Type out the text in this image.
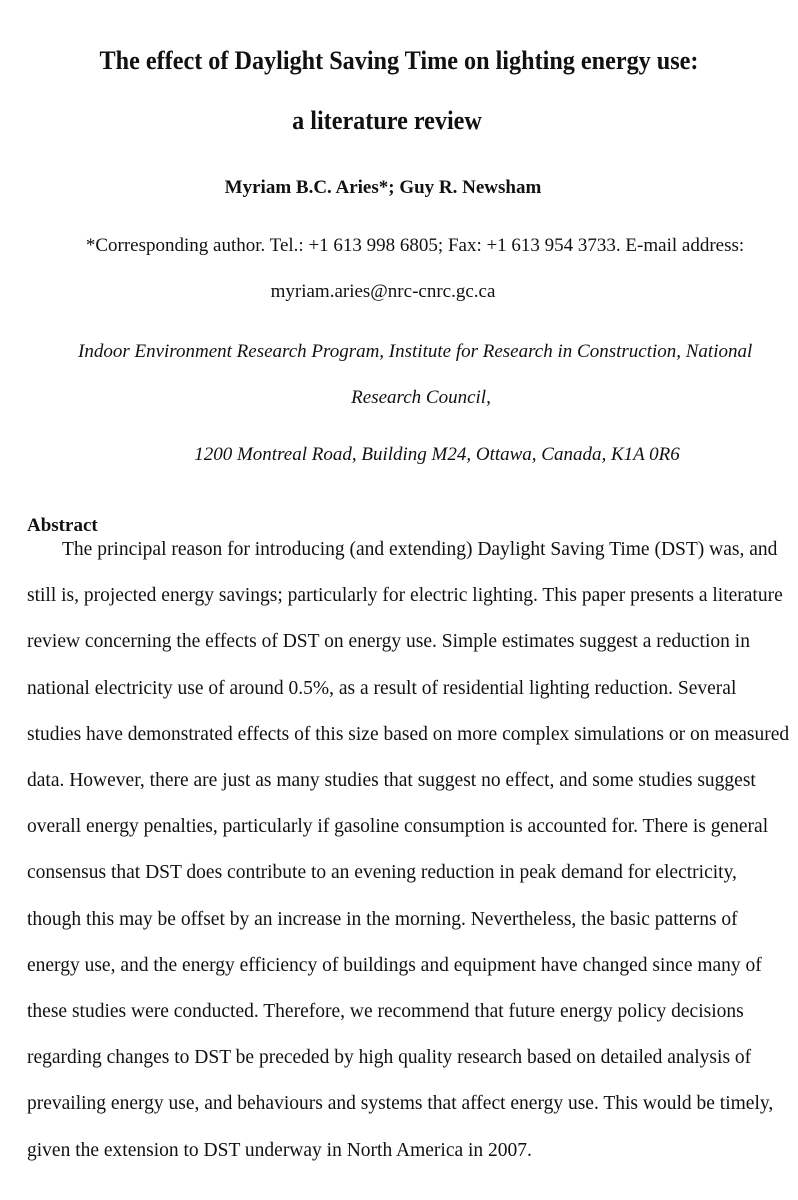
The effect of Daylight Saving Time on lighting energy use:
a literature review
Myriam B.C. Aries*; Guy R. Newsham
*Corresponding author. Tel.: +1 613 998 6805; Fax: +1 613 954 3733. E-mail address:
myriam.aries@nrc-cnrc.gc.ca
Indoor Environment Research Program, Institute for Research in Construction, National
Research Council,
1200 Montreal Road, Building M24, Ottawa, Canada, K1A 0R6
Abstract
The principal reason for introducing (and extending) Daylight Saving Time (DST) was, and
still is, projected energy savings; particularly for electric lighting. This paper presents a literature
review concerning the effects of DST on energy use. Simple estimates suggest a reduction in
national electricity use of around 0.5%, as a result of residential lighting reduction. Several
studies have demonstrated effects of this size based on more complex simulations or on measured
data. However, there are just as many studies that suggest no effect, and some studies suggest
overall energy penalties, particularly if gasoline consumption is accounted for. There is general
consensus that DST does contribute to an evening reduction in peak demand for electricity,
though this may be offset by an increase in the morning. Nevertheless, the basic patterns of
energy use, and the energy efficiency of buildings and equipment have changed since many of
these studies were conducted. Therefore, we recommend that future energy policy decisions
regarding changes to DST be preceded by high quality research based on detailed analysis of
prevailing energy use, and behaviours and systems that affect energy use. This would be timely,
given the extension to DST underway in North America in 2007.
